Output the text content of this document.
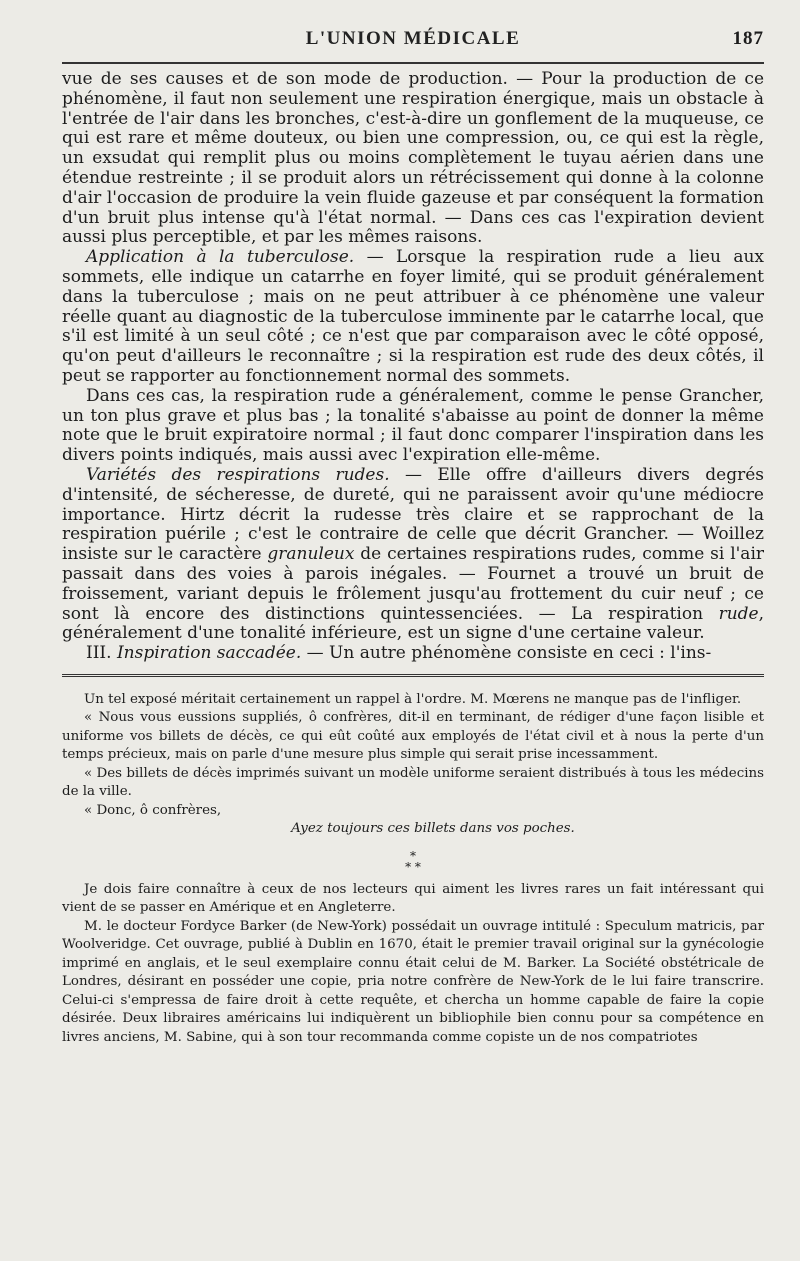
L'UNION MÉDICALE	187

vue de ses causes et de son mode de production. — Pour la production de ce phénomène, il faut non seulement une respiration énergique, mais un obstacle à l'entrée de l'air dans les bronches, c'est-à-dire un gonflement de la muqueuse, ce qui est rare et même douteux, ou bien une compression, ou, ce qui est la règle, un exsudat qui remplit plus ou moins complètement le tuyau aérien dans une étendue restreinte ; il se produit alors un rétrécissement qui donne à la colonne d'air l'occasion de produire la vein fluide gazeuse et par conséquent la formation d'un bruit plus intense qu'à l'état normal. — Dans ces cas l'expiration devient aussi plus perceptible, et par les mêmes raisons.

Application à la tuberculose. — Lorsque la respiration rude a lieu aux sommets, elle indique un catarrhe en foyer limité, qui se produit généralement dans la tuberculose ; mais on ne peut attribuer à ce phénomène une valeur réelle quant au diagnostic de la tuberculose imminente par le catarrhe local, que s'il est limité à un seul côté ; ce n'est que par comparaison avec le côté opposé, qu'on peut d'ailleurs le reconnaître ; si la respiration est rude des deux côtés, il peut se rapporter au fonctionnement normal des sommets.

Dans ces cas, la respiration rude a généralement, comme le pense Grancher, un ton plus grave et plus bas ; la tonalité s'abaisse au point de donner la même note que le bruit expiratoire normal ; il faut donc comparer l'inspiration dans les divers points indiqués, mais aussi avec l'expiration elle-même.

Variétés des respirations rudes. — Elle offre d'ailleurs divers degrés d'intensité, de sécheresse, de dureté, qui ne paraissent avoir qu'une médiocre importance. Hirtz décrit la rudesse très claire et se rapprochant de la respiration puérile ; c'est le contraire de celle que décrit Grancher. — Woillez insiste sur le caractère granuleux de certaines respirations rudes, comme si l'air passait dans des voies à parois inégales. — Fournet a trouvé un bruit de froissement, variant depuis le frôlement jusqu'au frottement du cuir neuf ; ce sont là encore des distinctions quintessenciées. — La respiration rude, généralement d'une tonalité inférieure, est un signe d'une certaine valeur.

III. Inspiration saccadée. — Un autre phénomène consiste en ceci : l'ins-

Un tel exposé méritait certainement un rappel à l'ordre. M. Mœrens ne manque pas de l'infliger.

« Nous vous eussions suppliés, ô confrères, dit-il en terminant, de rédiger d'une façon lisible et uniforme vos billets de décès, ce qui eût coûté aux employés de l'état civil et à nous la perte d'un temps précieux, mais on parle d'une mesure plus simple qui serait prise incessamment.

« Des billets de décès imprimés suivant un modèle uniforme seraient distribués à tous les médecins de la ville.

« Donc, ô confrères,

Ayez toujours ces billets dans vos poches.

*
* *

Je dois faire connaître à ceux de nos lecteurs qui aiment les livres rares un fait intéressant qui vient de se passer en Amérique et en Angleterre.

M. le docteur Fordyce Barker (de New-York) possédait un ouvrage intitulé : Speculum matricis, par Woolveridge. Cet ouvrage, publié à Dublin en 1670, était le premier travail original sur la gynécologie imprimé en anglais, et le seul exemplaire connu était celui de M. Barker. La Société obstétricale de Londres, désirant en posséder une copie, pria notre confrère de New-York de le lui faire transcrire. Celui-ci s'empressa de faire droit à cette requête, et chercha un homme capable de faire la copie désirée. Deux libraires américains lui indiquèrent un bibliophile bien connu pour sa compétence en livres anciens, M. Sabine, qui à son tour recommanda comme copiste un de nos compatriotes
